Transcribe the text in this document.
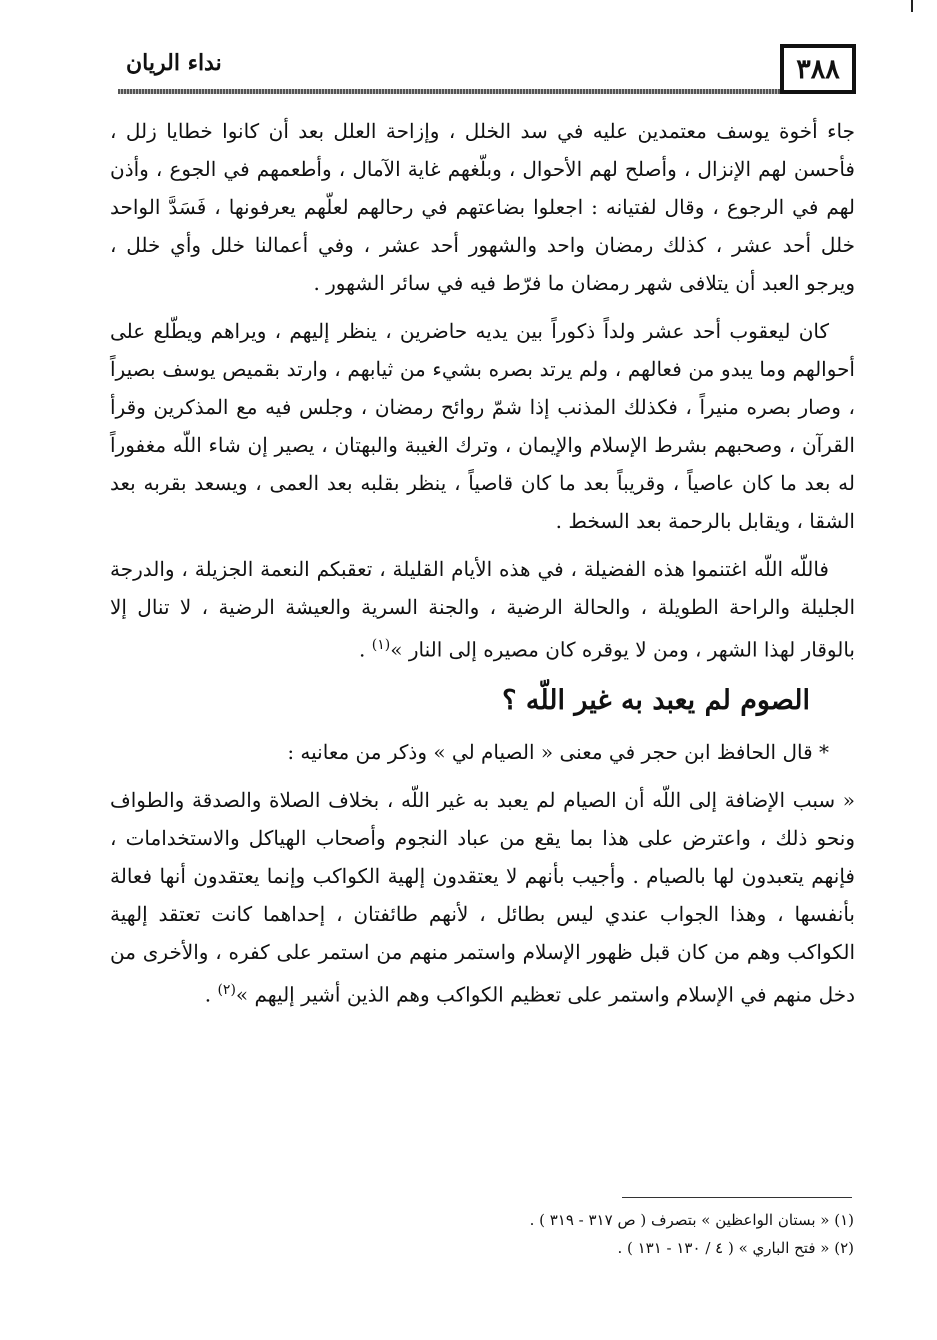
نداء الريان	٣٨٨

جاء أخوة يوسف معتمدين عليه في سد الخلل ، وإزاحة العلل بعد أن كانوا خطايا زلل ، فأحسن لهم الإنزال ، وأصلح لهم الأحوال ، وبلّغهم غاية الآمال ، وأطعمهم في الجوع ، وأذن لهم في الرجوع ، وقال لفتيانه : اجعلوا بضاعتهم في رحالهم لعلّهم يعرفونها ، فَسَدَّ الواحد خلل أحد عشر ، كذلك رمضان واحد والشهور أحد عشر ، وفي أعمالنا خلل وأي خلل ، ويرجو العبد أن يتلافى شهر رمضان ما فرّط فيه في سائر الشهور .

كان ليعقوب أحد عشر ولداً ذكوراً بين يديه حاضرين ، ينظر إليهم ، ويراهم ويطّلع على أحوالهم وما يبدو من فعالهم ، ولم يرتد بصره بشيء من ثيابهم ، وارتد بقميص يوسف بصيراً ، وصار بصره منيراً ، فكذلك المذنب إذا شمّ روائح رمضان ، وجلس فيه مع المذكرين وقرأ القرآن ، وصحبهم بشرط الإسلام والإيمان ، وترك الغيبة والبهتان ، يصير إن شاء اللّه مغفوراً له بعد ما كان عاصياً ، وقريباً بعد ما كان قاصياً ، ينظر بقلبه بعد العمى ، ويسعد بقربه بعد الشقا ، ويقابل بالرحمة بعد السخط .

فاللّه اللّه اغتنموا هذه الفضيلة ، في هذه الأيام القليلة ، تعقبكم النعمة الجزيلة ، والدرجة الجليلة والراحة الطويلة ، والحالة الرضية ، والجنة السرية والعيشة الرضية ، لا تنال إلا بالوقار لهذا الشهر ، ومن لا يوقره كان مصيره إلى النار »$^{(١)}$ .

الصوم لم يعبد به غير اللّه ؟

* قال الحافظ ابن حجر في معنى « الصيام لي » وذكر من معانيه :

« سبب الإضافة إلى اللّه أن الصيام لم يعبد به غير اللّه ، بخلاف الصلاة والصدقة والطواف ونحو ذلك ، واعترض على هذا بما يقع من عباد النجوم وأصحاب الهياكل والاستخدامات ، فإنهم يتعبدون لها بالصيام . وأجيب بأنهم لا يعتقدون إلهية الكواكب وإنما يعتقدون أنها فعالة بأنفسها ، وهذا الجواب عندي ليس بطائل ، لأنهم طائفتان ، إحداهما كانت تعتقد إلهية الكواكب وهم من كان قبل ظهور الإسلام واستمر منهم من استمر على كفره ، والأخرى من دخل منهم في الإسلام واستمر على تعظيم الكواكب وهم الذين أشير إليهم »$^{(٢)}$ .

(١) « بستان الواعظين » بتصرف ( ص ٣١٧ - ٣١٩ ) .
(٢) « فتح الباري » ( ٤ / ١٣٠ - ١٣١ ) .
